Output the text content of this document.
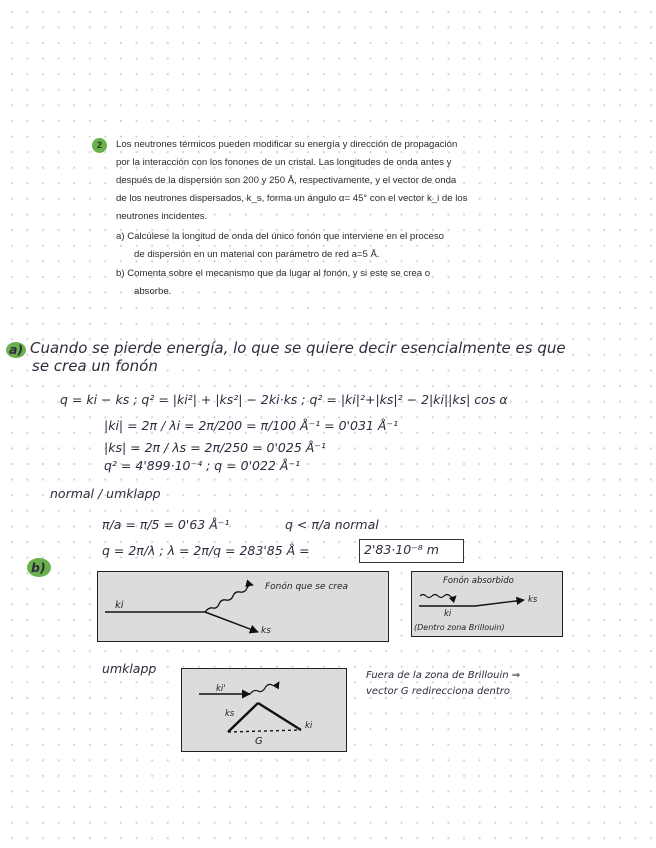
2	Los neutrones térmicos pueden modificar su energía y dirección de propagación
por la interacción con los fonones de un cristal. Las longitudes de onda antes y
después de la dispersión son 200 y 250 Å, respectivamente, y el vector de onda
de los neutrones dispersados, k_s, forma un ángulo α= 45° con el vector k_i de los
neutrones incidentes.
a) Calcúlese la longitud de onda del único fonón que interviene en el proceso
de dispersión en un material con parámetro de red a=5 Å.
b) Comenta sobre el mecanismo que da lugar al fonón, y si este se crea o
absorbe.
a) Cuando se pierde energía, lo que se quiere decir esencialmente es que
se crea un fonón
q = ki − ks ; q² = |ki²| + |ks²| − 2ki·ks ; q² = |ki|²+|ks|² − 2|ki||ks| cos α
|ki| = 2π / λi = 2π/200 = π/100 Å⁻¹ = 0'031 Å⁻¹
|ks| = 2π / λs = 2π/250 = 0'025 Å⁻¹
q² = 4'899·10⁻⁴ ; q = 0'022 Å⁻¹
normal / umklapp
π/a = π/5 = 0'63 Å⁻¹	q < π/a normal
q = 2π/λ ; λ = 2π/q = 283'85 Å =	2'83·10⁻⁸ m
b)
ki
ks
Fonón que se crea
Fonón absorbido
ks
ki
(Dentro zona Brillouin)
umklapp
ki'
ks
ki
G
Fuera de la zona de Brillouin ⇒
vector G redirecciona dentro
